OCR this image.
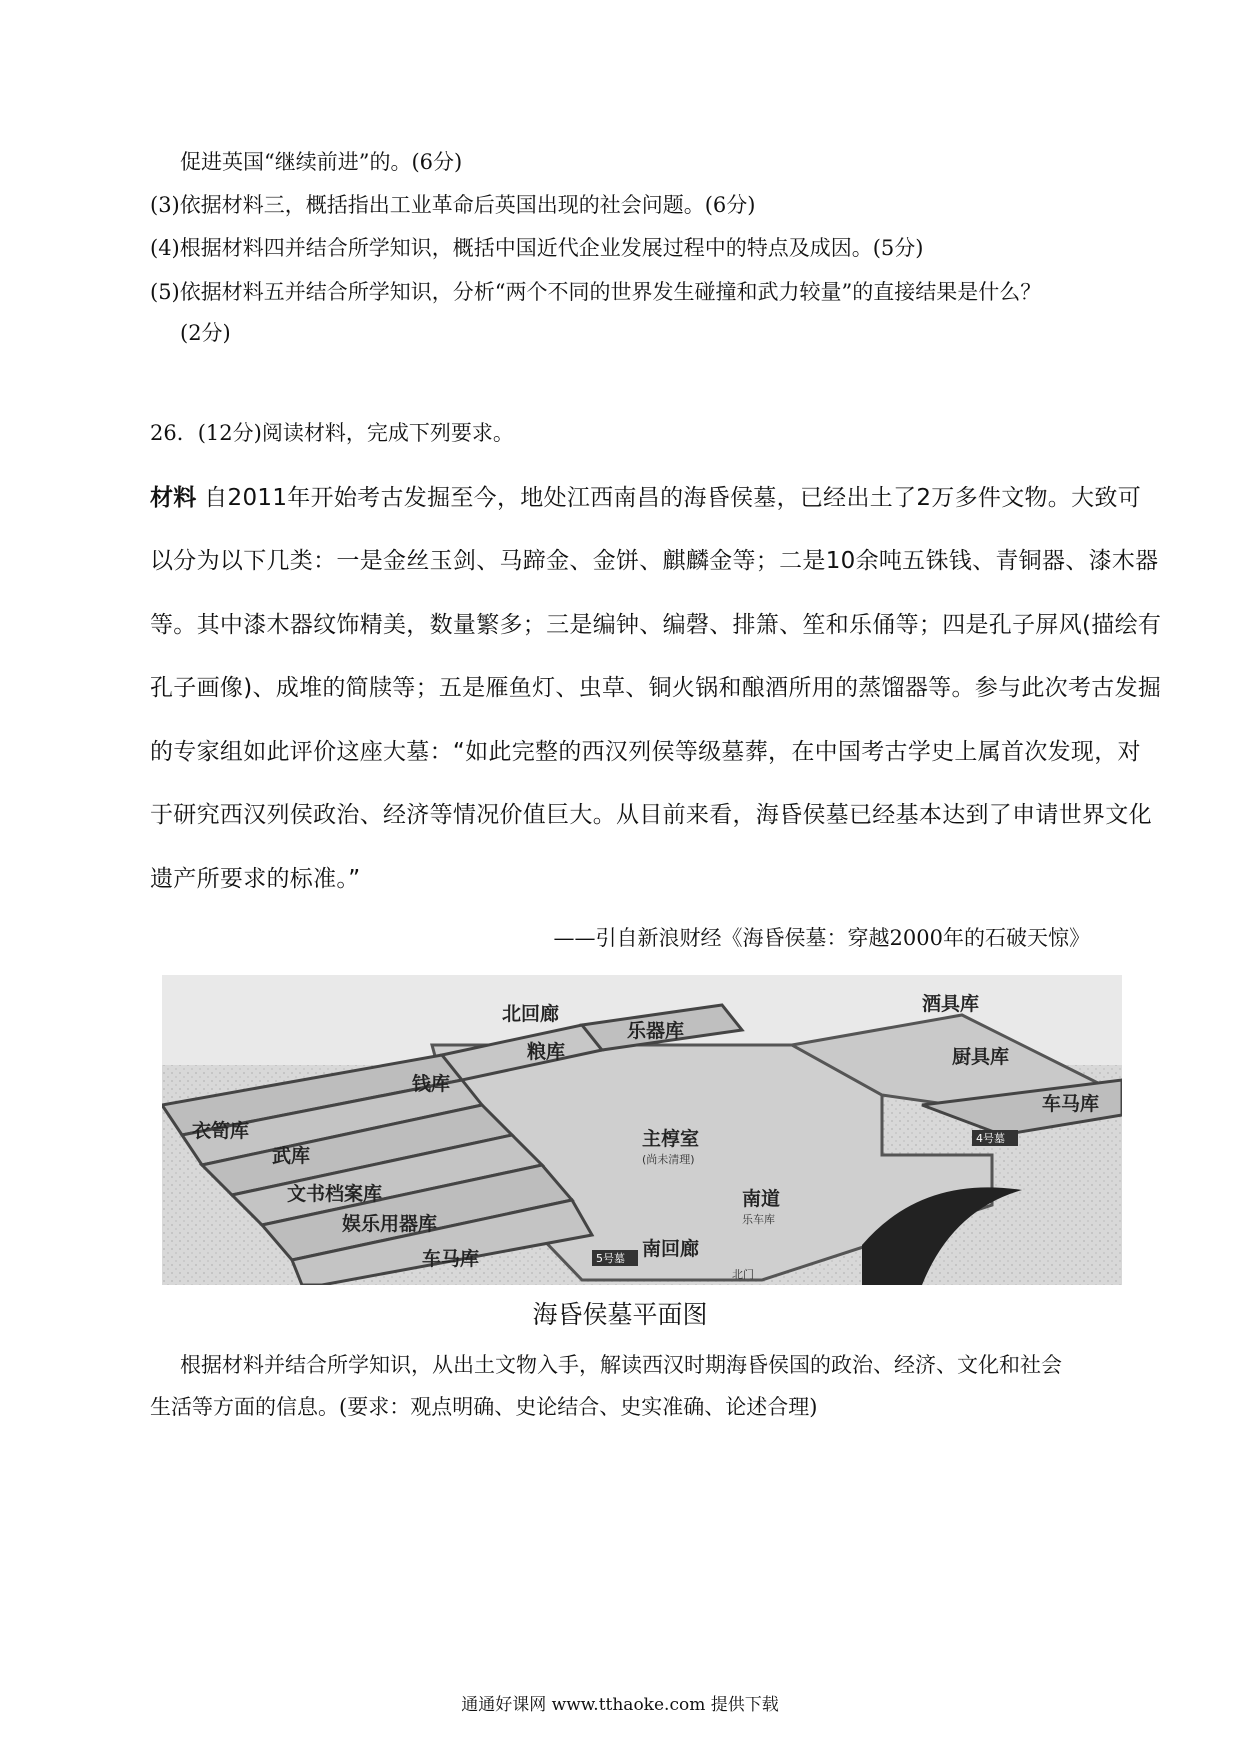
促进英国“继续前进”的。(6分)
(3)依据材料三，概括指出工业革命后英国出现的社会问题。(6分)
(4)根据材料四并结合所学知识，概括中国近代企业发展过程中的特点及成因。(5分)
(5)依据材料五并结合所学知识，分析“两个不同的世界发生碰撞和武力较量”的直接结果是什么？
(2分)
26．(12分)阅读材料，完成下列要求。
材料 自2011年开始考古发掘至今，地处江西南昌的海昏侯墓，已经出土了2万多件文物。大致可
以分为以下几类：一是金丝玉剑、马蹄金、金饼、麒麟金等；二是10余吨五铢钱、青铜器、漆木器
等。其中漆木器纹饰精美，数量繁多；三是编钟、编磬、排箫、笙和乐俑等；四是孔子屏风(描绘有
孔子画像)、成堆的简牍等；五是雁鱼灯、虫草、铜火锅和酿酒所用的蒸馏器等。参与此次考古发掘
的专家组如此评价这座大墓：“如此完整的西汉列侯等级墓葬，在中国考古学史上属首次发现，对
于研究西汉列侯政治、经济等情况价值巨大。从目前来看，海昏侯墓已经基本达到了申请世界文化
遗产所要求的标准。”
——引自新浪财经《海昏侯墓：穿越2000年的石破天惊》
北回廊	酒具库
乐器库
粮库	厨具库
钱库
主椁室
(尚未清理)
车马库
衣笥库
武库
文书档案库
娱乐用器库
车马库
南道
乐车库
南回廊
4号墓
5号墓
北门
海昏侯墓平面图
根据材料并结合所学知识，从出土文物入手，解读西汉时期海昏侯国的政治、经济、文化和社会
生活等方面的信息。(要求：观点明确、史论结合、史实准确、论述合理)
通通好课网 www.tthaoke.com 提供下载
